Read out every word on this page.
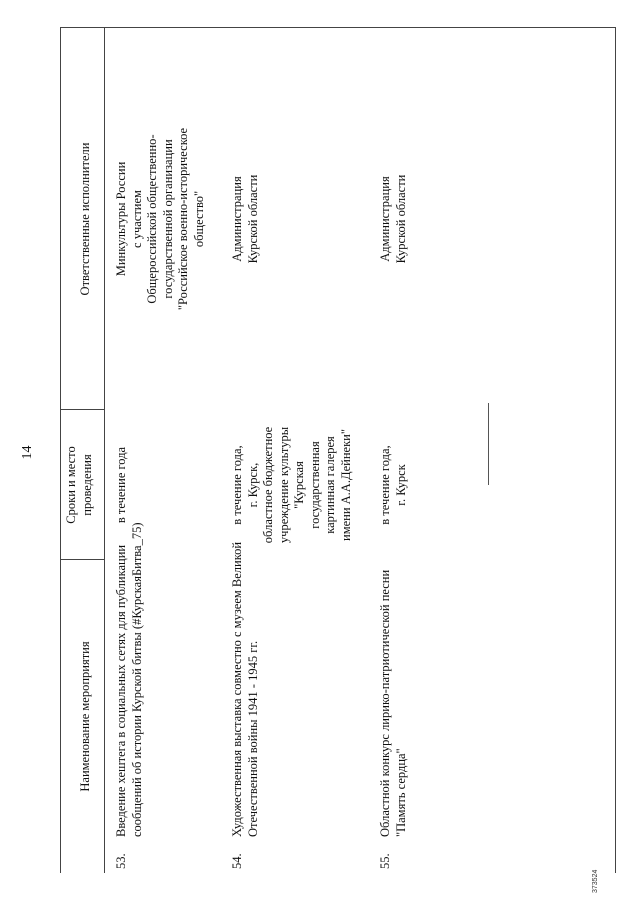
14
Наименование мероприятия
Сроки и место проведения
Ответственные исполнители
53.
Введение хештега в социальных сетях для публикации сообщений об истории Курской битвы (#КурскаяБитва_75)
в течение года
Минкультуры России с участием Общероссийской общественно- государственной организации "Российское военно-историческое общество"
54.
Художественная выставка совместно с музеем Великой Отечественной войны 1941 - 1945 гг.
в течение года, г. Курск, областное бюджетное учреждение культуры "Курская государственная картинная галерея имени А.А.Дейнеки"
Администрация Курской области
55.
Областной конкурс лирико-патриотической песни "Память сердца"
в течение года, г. Курск
Администрация Курской области
373524
